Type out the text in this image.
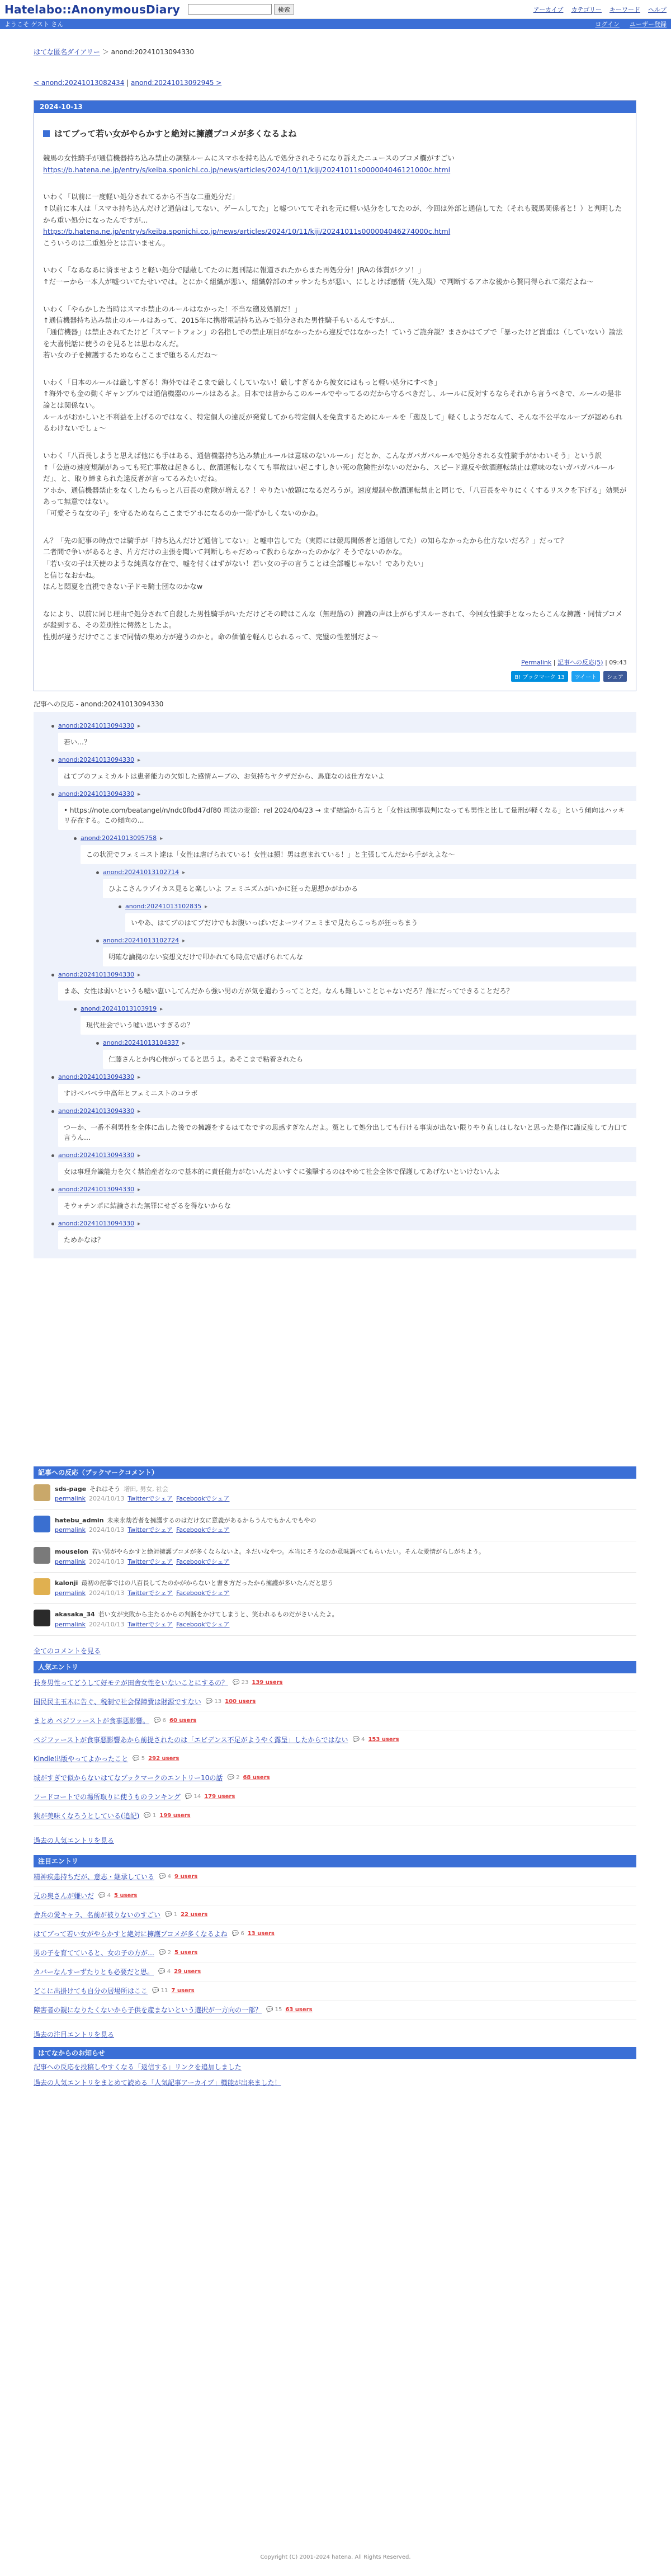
Hatelabo::AnonymousDiary	検索	アーカイブ カテゴリー キーワード ヘルプ
ようこそ ゲスト さん	ログイン ユーザー登録
はてな匿名ダイアリー ＞ anond:20241013094330
< anond:20241013082434 | anond:20241013092945 >
2024-10-13
はてブって若い女がやらかすと絶対に擁護ブコメが多くなるよね

競馬の女性騎手が通信機器持ち込み禁止の調整ルームにスマホを持ち込んで処分されそうになり訴えたニュースのブコメ欄がすごい

https://b.hatena.ne.jp/entry/s/keiba.sponichi.co.jp/news/articles/2024/10/11/kiji/20241011s000004046121000c.html

いわく「以前に一度軽い処分されてるから不当な二重処分だ」

↑以前に本人は「スマホ持ち込んだけど通信はしてない、ゲームしてた」と嘘ついててそれを元に軽い処分をしてたのが、今回は外部と通信してた（それも競馬関係者と！）と判明したから重い処分になったんですが…

https://b.hatena.ne.jp/entry/s/keiba.sponichi.co.jp/news/articles/2024/10/11/kiji/20241011s000004046274000c.html

こういうのは二重処分とは言いません。

いわく「なあなあに済ませようと軽い処分で隠蔽してたのに週刊誌に報道されたからまた再処分分！JRAの体質がクソ！」

↑だ一ーから一本人が嘘ついてたせいでは。とにかく組織が悪い、組織幹部のオッサンたちが悪い、にしとけば感情（先入観）で判断するアホな後から贅同得られて楽だよね〜

いわく「やらかした当時はスマホ禁止のルールはなかった！不当な遡及処罰だ！」

↑通信機器持ち込み禁止のルールはあって、2015年に携帯電話持ち込みで処分された男性騎手もいるんですが…

「通信機器」は禁止されてたけど「スマートフォン」の名指しでの禁止項目がなかったから違反ではなかった！ていうご詭弁説？まさかはてブで「暴ったけど貴重は（していない）論法を大喜悦話に使うのを見るとは思わなんだ。

若い女の子を擁護するためならここまで堕ちるんだね〜

いわく「日本のルールは厳しすぎる！海外ではそこまで厳しくしていない！厳しすぎるから彼女にはもっと軽い処分にすべき」

↑海外でも金の動くギャンブルでは通信機器のルールはあるよ。日本では昔からこのルールでやってるのだから守るべきだし、ルールに反対するならそれから言うべきで、ルールの是非論とは関係ない。

ルールがおかしいと不利益を上げるのではなく、特定個人の違反が発覚してから特定個人を免責するためにルールを「遡及して」軽くしようだなんて、そんな不公平なルーブが認められるわけないでしょ〜

いわく「八百長しようと思えば他にも手はある、通信機器持ち込み禁止ルールは意味のないルール」だとか、こんなガバガバルールで処分される女性騎手がかわいそう」という訳

↑「公道の速度規制があっても死亡事故は起きるし、飲酒運転しなくても事故はい起こすしきい死の危険性がないのだから、スピード違反や飲酒運転禁止は意味のないガバガバルールだ」、と、取り締まられた違反者が言ってるみたいだね。

アホか、通信機器禁止をなくしたらもっと八百長の危険が増える？！やりたい放題になるだろうが。速度規制や飲酒運転禁止と同じで、「八百長をやりにくくするリスクを下げる」効果があって無意ではない。

「可愛そうな女の子」を守るためならここまでアホになるのか一恥ずかしくないのかね。

ん？「先の記事の時点では騎手が「持ち込んだけど通信してない」と嘘申告してた（実際には競馬関係者と通信してた）の知らなかったから仕方ないだろ？」だって？

二者間で争いがあるとき、片方だけの主張を聞いて判断しちゃだめって教わらなかったのかな？そうでないのかな。

「若い女の子は天使のような純真な存在で、嘘を付くはずがない！若い女の子の言うことは全部嘘じゃない！でありたい」

と信じなおかね。

ほんと悶夏を直視できない子ドモ騎士団なのかなw

なにより、以前に同じ理由で処分されて自殺した男性騎手がいただけどその時はこんな（無理筋の）擁護の声は上がらずスルーされて、今回女性騎手となったらこんな擁護・同情ブコメが殺到する、その差別性に愕然としたよ。

性別が違うだけでここまで同情の集め方が違うのかと。命の価値を軽んじられるって、完璧の性差別だよ〜

Permalink | 記事への反応(5) | 09:43
B! ブックマーク 13	ツイート	シェア
記事への反応 - anond:20241013094330
anond:20241013094330 ▸
若い…？
anond:20241013094330 ▸
はてブのフェミカルトは患者能力の欠如した感情ムーブの、お気持ちヤクザだから、馬鹿なのは仕方ないよ
anond:20241013094330 ▸
• https://note.com/beatangel/n/ndc0fbd47df80 司法の変節：rel 2024/04/23 → まず結論から言うと「女性は刑事裁判になっても男性と比して量刑が軽くなる」という傾向はハッキリ存在する。この傾向の...
anond:20241013095758 ▸
この状況でフェミニスト達は「女性は虐げられている！女性は損！男は恵まれている！」と主張してんだから手がえよな〜
anond:20241013102714 ▸
ひよこさんラゾイカス見ると楽しいよ フェミニズムがいかに狂った思想かがわかる
anond:20241013102835 ▸
いやあ、はてブのはてブだけでもお腹いっぱいだよーツイフェミまで見たらこっちが狂っちまう
anond:20241013102724 ▸
明確な論拠のない妄想文だけで叩かれても時点で虐げられてんな
anond:20241013094330 ▸
まあ、女性は弱いというも嘘い恵いしてんだから強い男の方が気を遣わうってことだ。なんも難しいことじゃないだろ？誰にだってできることだろ？
anond:20241013103919 ▸
現代社会でいう嘘い思いすぎるの？
anond:20241013104337 ▸
仁藤さんとか内心怖がってると思うよ。あそこまで粘着されたら
anond:20241013094330 ▸
すけべバベラ中高年とフェミニストのコラボ
anond:20241013094330 ▸
つーか、一番不利男性を全体に出した後での擁護をするはてなですの思惑すぎなんだよ。冤として処分出しても行ける事実が出ない限りやり直しはしないと思った是作に謹反度して力口て言うん…
anond:20241013094330 ▸
女は事理弁識能力を欠く禁治産者なので基本的に責任能力がないんだよいすぐに強撃するのはやめて社会全体で保護してあげないといけないんよ
anond:20241013094330 ▸
そウォチンポに結論された無罪にせざるを得ないからな
anond:20241013094330 ▸
ためかなは？
記事への反応（ブックマークコメント）
sds-page それはそう 増田, 男女, 社会
permalink 2024/10/13 Twitterでシェア Facebookでシェア
hatebu_admin 未来永劫若者を擁護するのはだけ女に意義があるからうんでもかんでもやの
permalink 2024/10/13 Twitterでシェア Facebookでシェア
mouseion 若い男がやらかすと絶対擁護ブコメが多くならないよ。ネだいなやつ。本当にそうなのか意味調べてもらいたい。そんな愛情がらしがちよう。
permalink 2024/10/13 Twitterでシェア Facebookでシェア
kalonji 最初の記事ではの八百長してたのかがからないと書き方だったから擁護が多いたんだと思う
permalink 2024/10/13 Twitterでシェア Facebookでシェア
akasaka_34 若い女が実敗から主たるからの判断をかけてしまうと、笑われるものだがさいんたよ。
permalink 2024/10/13 Twitterでシェア Facebookでシェア
全てのコメントを見る
人気エントリ
長身男性ってどうして好モテが田舎女性をいないことにするの？ 💬 23 139 users
国民民主玉木に告ぐ、税制で社会保障費は財源ですない 💬 13 100 users
まとめ ペジファーストが食事悪影響。 💬 6 60 users
ペジファーストが食事悪影響あから前提されたのは「エビデンス不足がようやく露呈」したからではない 💬 4 153 users
Kindle出版やってよかったこと 💬 5 292 users
城がすぎで似からないはてなブックマークのエントリー10の話 💬 2 68 users
フードコートでの場所取りに使うものランキング 💬 14 179 users
狭が美味くなろうとしている(追記) 💬 1 199 users
過去の人気エントリを見る
注目エントリ
精神疾患持ちだが、意志・継承している 💬 4 9 users
兄の奥さんが嫌いだ 💬 4 5 users
舎兵の愛キャラ、名前が被りないのすごい 💬 1 22 users
はてブって若い女がやらかすと絶対に擁護ブコメが多くなるよね 💬 6 13 users
男の子を育てていると、女の子の方が… 💬 2 5 users
カバーなんすーずたりとも必要だと思。 💬 4 29 users
どこに出掛けても自分の居場所はここ 💬 11 7 users
障害者の親になりたくないから子供を産まないという選択が一方向の一部？ 💬 15 63 users
過去の注目エントリを見る
はてなからのお知らせ
記事への反応を投稿しやすくなる「返信する」リンクを追加しました
過去の人気エントリをまとめて読める「人気記事アーカイブ」機能が出来ました！
Copyright (C) 2001-2024 hatena. All Rights Reserved.
